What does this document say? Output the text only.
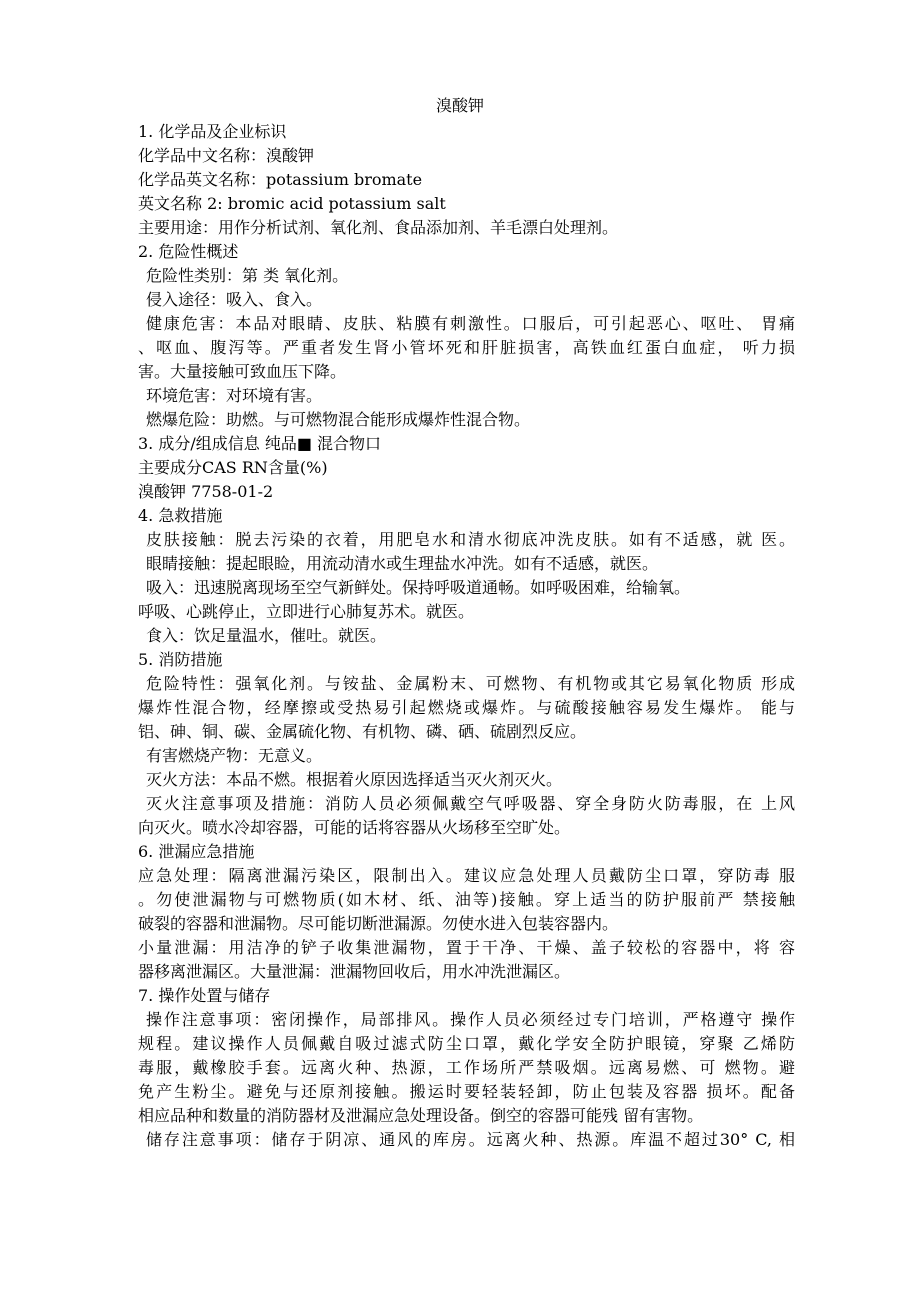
溴酸钾
1. 化学品及企业标识
化学品中文名称：溴酸钾
化学品英文名称：potassium bromate
英文名称 2: bromic acid potassium salt
主要用途：用作分析试剂、氧化剂、食品添加剂、羊毛漂白处理剂。
2. 危险性概述
危险性类别：第 类 氧化剂。
侵入途径：吸入、食入。
健康危害：本品对眼睛、皮肤、粘膜有刺激性。口服后，可引起恶心、呕吐、 胃痛
、呕血、腹泻等。严重者发生肾小管坏死和肝脏损害，高铁血红蛋白血症， 听力损
害。大量接触可致血压下降。
环境危害：对环境有害。
燃爆危险：助燃。与可燃物混合能形成爆炸性混合物。
3. 成分/组成信息 纯品■ 混合物口
主要成分CAS RN含量(%)
溴酸钾 7758-01-2
4. 急救措施
皮肤接触：脱去污染的衣着，用肥皂水和清水彻底冲洗皮肤。如有不适感，就 医。
眼睛接触：提起眼睑，用流动清水或生理盐水冲洗。如有不适感，就医。
吸入：迅速脱离现场至空气新鲜处。保持呼吸道通畅。如呼吸困难，给输氧。
呼吸、心跳停止，立即进行心肺复苏术。就医。
食入：饮足量温水，催吐。就医。
5. 消防措施
危险特性：强氧化剂。与铵盐、金属粉末、可燃物、有机物或其它易氧化物质 形成
爆炸性混合物，经摩擦或受热易引起燃烧或爆炸。与硫酸接触容易发生爆炸。 能与
铝、砷、铜、碳、金属硫化物、有机物、磷、硒、硫剧烈反应。
有害燃烧产物：无意义。
灭火方法：本品不燃。根据着火原因选择适当灭火剂灭火。
灭火注意事项及措施：消防人员必须佩戴空气呼吸器、穿全身防火防毒服，在 上风
向灭火。喷水冷却容器，可能的话将容器从火场移至空旷处。
6. 泄漏应急措施
应急处理：隔离泄漏污染区，限制出入。建议应急处理人员戴防尘口罩，穿防毒 服
。勿使泄漏物与可燃物质(如木材、纸、油等)接触。穿上适当的防护服前严 禁接触
破裂的容器和泄漏物。尽可能切断泄漏源。勿使水进入包装容器内。
小量泄漏：用洁净的铲子收集泄漏物，置于干净、干燥、盖子较松的容器中，将 容
器移离泄漏区。大量泄漏：泄漏物回收后，用水冲洗泄漏区。
7. 操作处置与储存
操作注意事项：密闭操作，局部排风。操作人员必须经过专门培训，严格遵守 操作
规程。建议操作人员佩戴自吸过滤式防尘口罩，戴化学安全防护眼镜，穿聚 乙烯防
毒服，戴橡胶手套。远离火种、热源，工作场所严禁吸烟。远离易燃、可 燃物。避
免产生粉尘。避免与还原剂接触。搬运时要轻装轻卸，防止包装及容器 损坏。配备
相应品种和数量的消防器材及泄漏应急处理设备。倒空的容器可能残 留有害物。
储存注意事项：储存于阴凉、通风的库房。远离火种、热源。库温不超过30° C, 相
